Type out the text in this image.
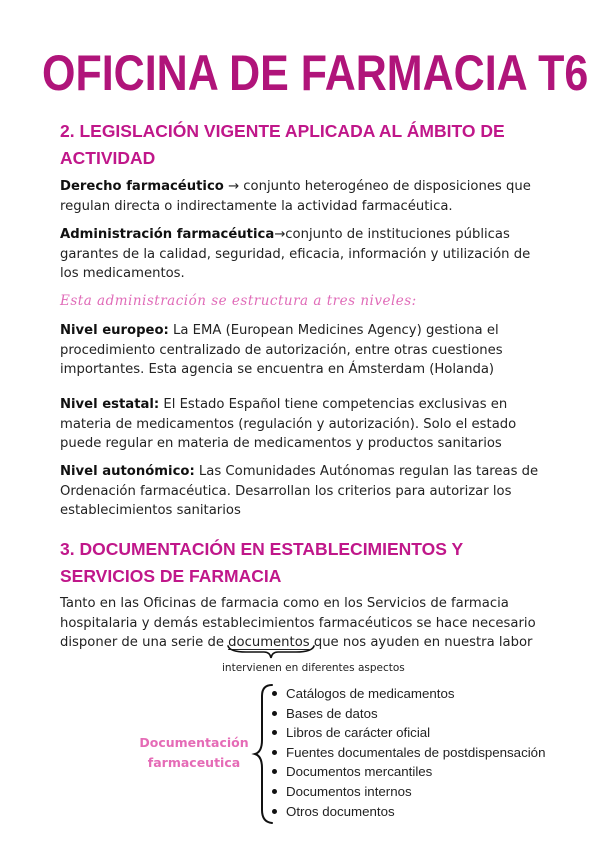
OFICINA DE FARMACIA T6
2. LEGISLACIÓN VIGENTE APLICADA AL ÁMBITO DE
ACTIVIDAD

Derecho farmacéutico → conjunto heterogéneo de disposiciones que regulan directa o indirectamente la actividad farmacéutica.

Administración farmacéutica→conjunto de instituciones públicas garantes de la calidad, seguridad, eficacia, información y utilización de los medicamentos.

Esta administración se estructura a tres niveles:

Nivel europeo: La EMA (European Medicines Agency) gestiona el procedimiento centralizado de autorización, entre otras cuestiones importantes. Esta agencia se encuentra en Ámsterdam (Holanda)

Nivel estatal: El Estado Español tiene competencias exclusivas en materia de medicamentos (regulación y autorización). Solo el estado puede regular en materia de medicamentos y productos sanitarios

Nivel autonómico: Las Comunidades Autónomas regulan las tareas de Ordenación farmacéutica. Desarrollan los criterios para autorizar los establecimientos sanitarios

3. DOCUMENTACIÓN EN ESTABLECIMIENTOS Y
SERVICIOS DE FARMACIA

Tanto en las Oficinas de farmacia como en los Servicios de farmacia hospitalaria y demás establecimientos farmacéuticos se hace necesario disponer de una serie de documentos que nos ayuden en nuestra labor

intervienen en diferentes aspectos

Documentación
farmaceutica

Catálogos de medicamentos
Bases de datos
Libros de carácter oficial
Fuentes documentales de postdispensación
Documentos mercantiles
Documentos internos
Otros documentos
